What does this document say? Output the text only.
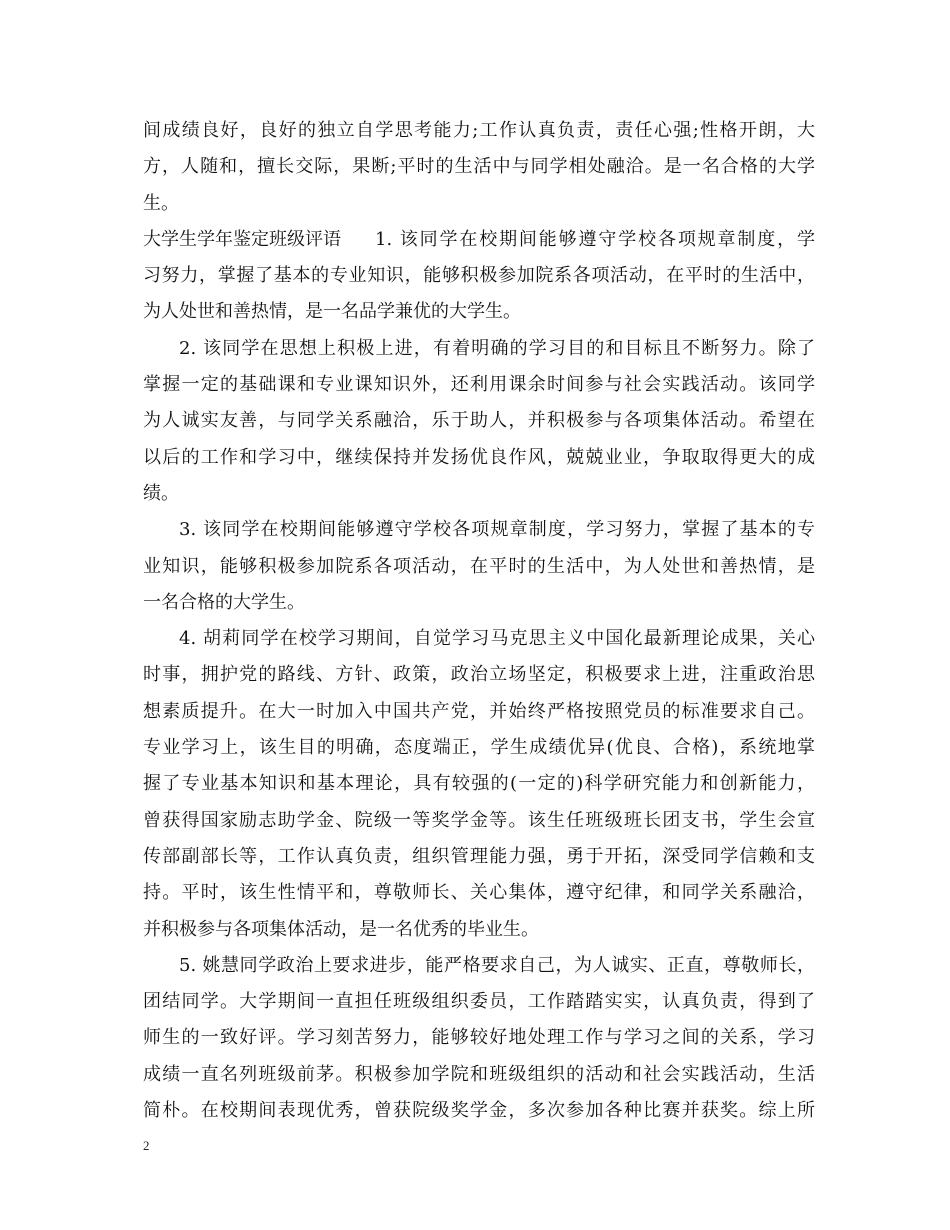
间成绩良好，良好的独立自学思考能力;工作认真负责，责任心强;性格开朗，大
方，人随和，擅长交际，果断;平时的生活中与同学相处融洽。是一名合格的大学
生。
大学生学年鉴定班级评语 1. 该同学在校期间能够遵守学校各项规章制度，学
习努力，掌握了基本的专业知识，能够积极参加院系各项活动，在平时的生活中，
为人处世和善热情，是一名品学兼优的大学生。
2. 该同学在思想上积极上进，有着明确的学习目的和目标且不断努力。除了
掌握一定的基础课和专业课知识外，还利用课余时间参与社会实践活动。该同学
为人诚实友善，与同学关系融洽，乐于助人，并积极参与各项集体活动。希望在
以后的工作和学习中，继续保持并发扬优良作风，兢兢业业，争取取得更大的成
绩。
3. 该同学在校期间能够遵守学校各项规章制度，学习努力，掌握了基本的专
业知识，能够积极参加院系各项活动，在平时的生活中，为人处世和善热情，是
一名合格的大学生。
4. 胡莉同学在校学习期间，自觉学习马克思主义中国化最新理论成果，关心
时事，拥护党的路线、方针、政策，政治立场坚定，积极要求上进，注重政治思
想素质提升。在大一时加入中国共产党，并始终严格按照党员的标准要求自己。
专业学习上，该生目的明确，态度端正，学生成绩优异(优良、合格)，系统地掌
握了专业基本知识和基本理论，具有较强的(一定的)科学研究能力和创新能力，
曾获得国家励志助学金、院级一等奖学金等。该生任班级班长团支书，学生会宣
传部副部长等，工作认真负责，组织管理能力强，勇于开拓，深受同学信赖和支
持。平时，该生性情平和，尊敬师长、关心集体，遵守纪律，和同学关系融洽，
并积极参与各项集体活动，是一名优秀的毕业生。
5. 姚慧同学政治上要求进步，能严格要求自己，为人诚实、正直，尊敬师长，
团结同学。大学期间一直担任班级组织委员，工作踏踏实实，认真负责，得到了
师生的一致好评。学习刻苦努力，能够较好地处理工作与学习之间的关系，学习
成绩一直名列班级前茅。积极参加学院和班级组织的活动和社会实践活动，生活
简朴。在校期间表现优秀，曾获院级奖学金，多次参加各种比赛并获奖。综上所
2
